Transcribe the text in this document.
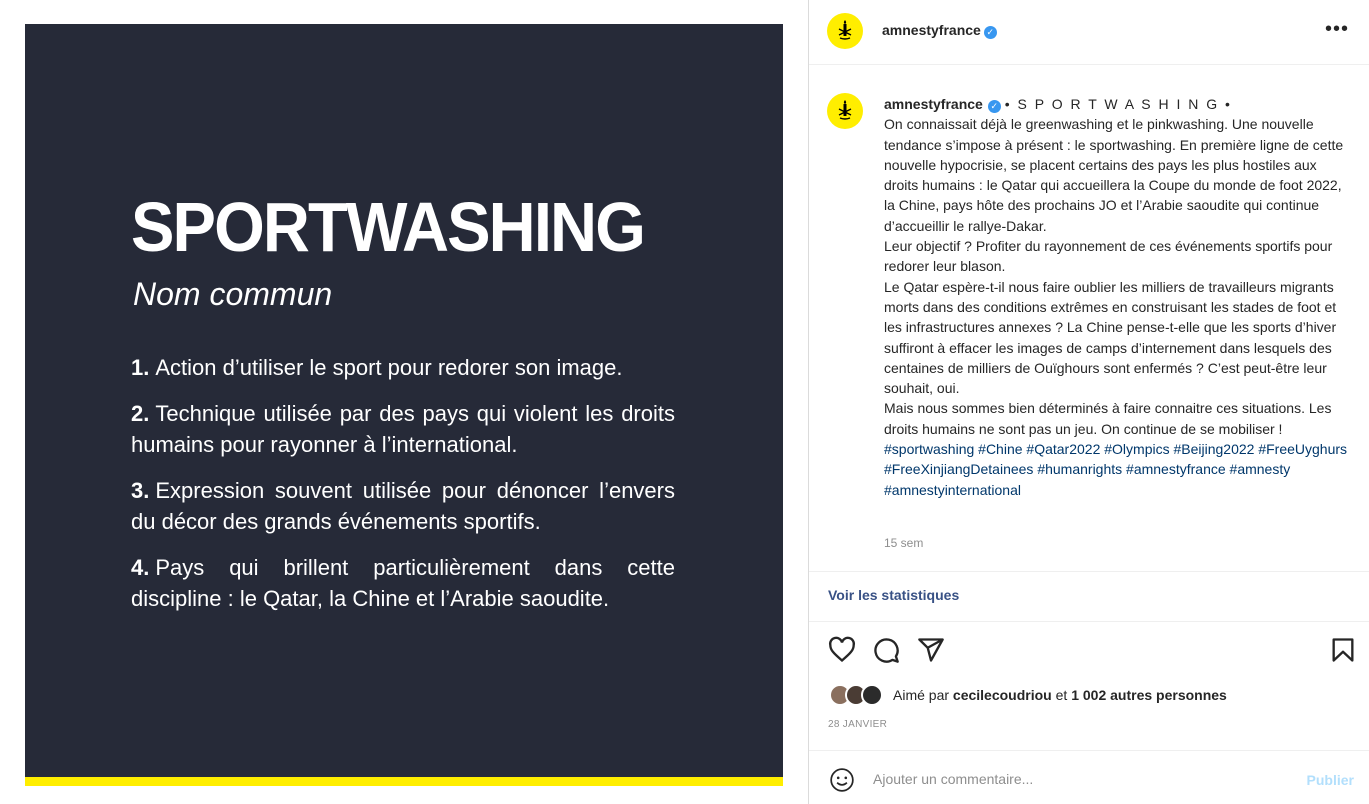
SPORTWASHING
Nom commun
1. Action d’utiliser le sport pour redorer son image.
2. Technique utilisée par des pays qui violent les droits humains pour rayonner à l’international.
3. Expression souvent utilisée pour dénoncer l’envers du décor des grands événements sportifs.
4. Pays qui brillent particulièrement dans cette discipline : le Qatar, la Chine et l’Arabie saoudite.
amnestyfrance ✓	•••

amnestyfrance ✓ • S P O R T W A S H I N G •

On connaissait déjà le greenwashing et le pinkwashing. Une nouvelle tendance s’impose à présent : le sportwashing. En première ligne de cette nouvelle hypocrisie, se placent certains des pays les plus hostiles aux droits humains : le Qatar qui accueillera la Coupe du monde de foot 2022, la Chine, pays hôte des prochains JO et l’Arabie saoudite qui continue d’accueillir le rallye-Dakar.

Leur objectif ? Profiter du rayonnement de ces événements sportifs pour redorer leur blason.

Le Qatar espère-t-il nous faire oublier les milliers de travailleurs migrants morts dans des conditions extrêmes en construisant les stades de foot et les infrastructures annexes ? La Chine pense-t-elle que les sports d’hiver suffiront à effacer les images de camps d’internement dans lesquels des centaines de milliers de Ouïghours sont enfermés ? C’est peut-être leur souhait, oui.

Mais nous sommes bien déterminés à faire connaitre ces situations. Les droits humains ne sont pas un jeu. On continue de se mobiliser !

#sportwashing #Chine #Qatar2022 #Olympics #Beijing2022 #FreeUyghurs #FreeXinjiangDetainees #humanrights #amnestyfrance #amnesty #amnestyinternational

15 sem
Voir les statistiques
Aimé par cecilecoudriou et 1 002 autres personnes
28 JANVIER
Ajouter un commentaire...
Publier
